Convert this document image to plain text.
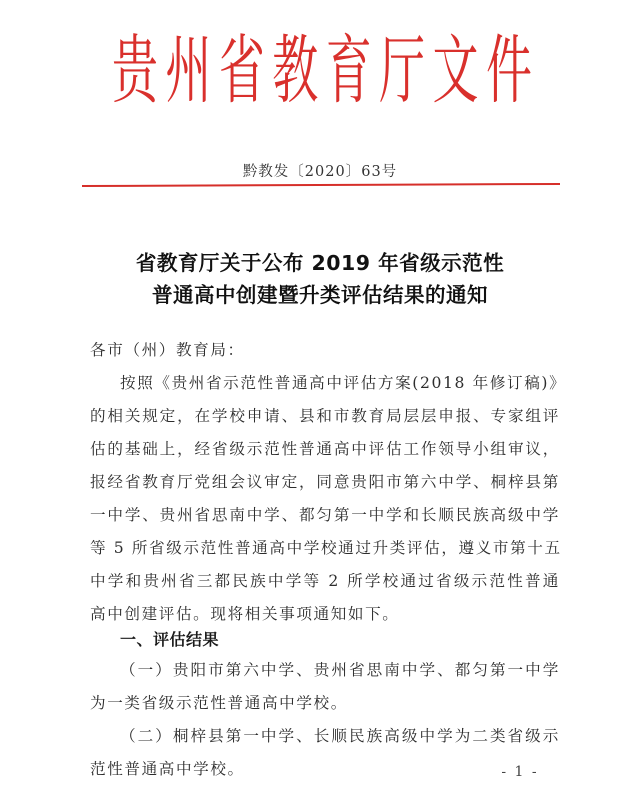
贵 州 省 教 育 厅 文 件
黔教发〔2020〕63号
省教育厅关于公布 2019 年省级示范性
普通高中创建暨升类评估结果的通知
各市（州）教育局：
按照《贵州省示范性普通高中评估方案(2018 年修订稿)》
的相关规定，在学校申请、县和市教育局层层申报、专家组评
估的基础上，经省级示范性普通高中评估工作领导小组审议，
报经省教育厅党组会议审定，同意贵阳市第六中学、桐梓县第
一中学、贵州省思南中学、都匀第一中学和长顺民族高级中学
等 5 所省级示范性普通高中学校通过升类评估，遵义市第十五
中学和贵州省三都民族中学等 2 所学校通过省级示范性普通
高中创建评估。现将相关事项通知如下。
一、评估结果
（一）贵阳市第六中学、贵州省思南中学、都匀第一中学
为一类省级示范性普通高中学校。
（二）桐梓县第一中学、长顺民族高级中学为二类省级示
范性普通高中学校。	- 1 -
